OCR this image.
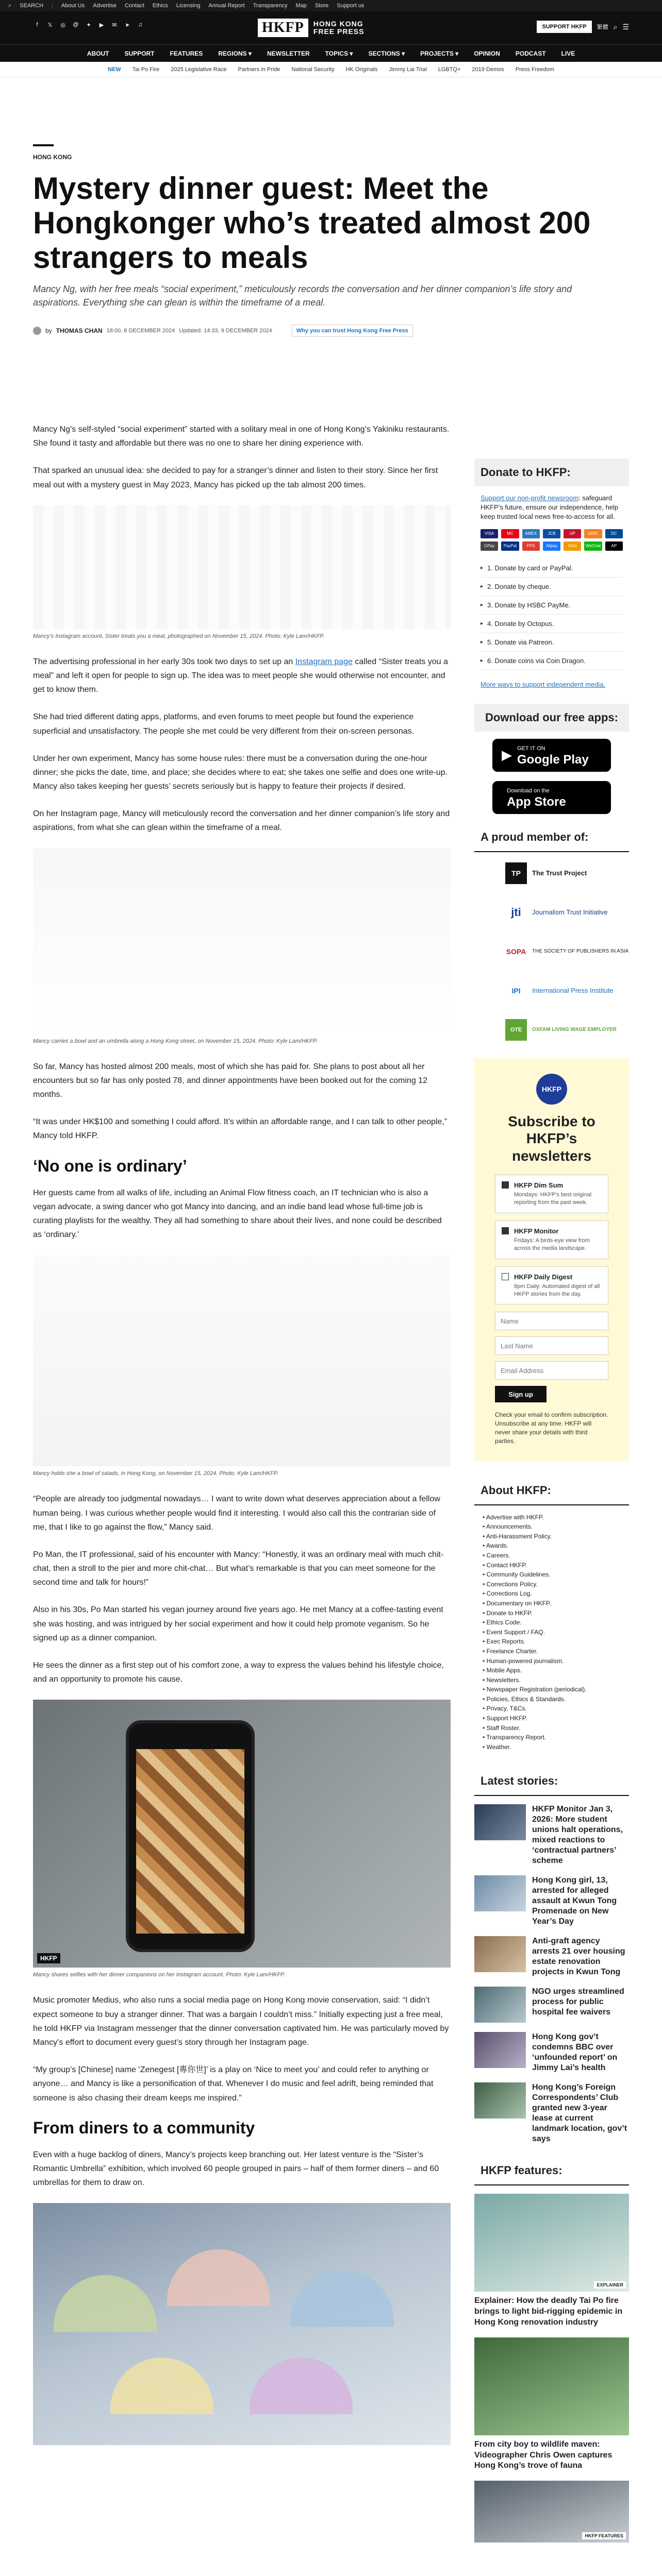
⌕ SEARCH | About Us Advertise Contact Ethics Licensing Annual Report Transparency Map Store Support us
f	𝕏	◎ @	✦	▶	✉	➤	♫	HKFP	HONG KONG
FREE PRESS
SUPPORT HKFP	繁體 ⌕ ☰
ABOUT	SUPPORT	FEATURES	REGIONS ▾	NEWSLETTER	TOPICS ▾	SECTIONS ▾	PROJECTS ▾	OPINION	PODCAST	LIVE
NEW Tai Po Fire 2025 Legislative Race Partners in Pride National Security HK Originals Jimmy Lai Trial LGBTQ+ 2019 Demos Press Freedom
HONG KONG
Mystery dinner guest: Meet the Hongkonger who’s treated almost 200 strangers to meals

Mancy Ng, with her free meals “social experiment,” meticulously records the conversation and her dinner companion’s life story and aspirations. Everything she can glean is within the timeframe of a meal.

by THOMAS CHAN 18:00, 8 DECEMBER 2024 Updated: 14:33, 9 DECEMBER 2024	Why you can trust Hong Kong Free Press

Mancy Ng’s self-styled “social experiment” started with a solitary meal in one of Hong Kong’s Yakiniku restaurants. She found it tasty and affordable but there was no one to share her dining experience with.

That sparked an unusual idea: she decided to pay for a stranger’s dinner and listen to their story. Since her first meal out with a mystery guest in May 2023, Mancy has picked up the tab almost 200 times.

Mancy’s Instagram account, Sister treats you a meal, photographed on November 15, 2024. Photo: Kyle Lam/HKFP.

The advertising professional in her early 30s took two days to set up an Instagram page called “Sister treats you a meal” and left it open for people to sign up. The idea was to meet people she would otherwise not encounter, and get to know them.

She had tried different dating apps, platforms, and even forums to meet people but found the experience superficial and unsatisfactory. The people she met could be very different from their on-screen personas.

Under her own experiment, Mancy has some house rules: there must be a conversation during the one-hour dinner; she picks the date, time, and place; she decides where to eat; she takes one selfie and does one write-up. Mancy also takes keeping her guests’ secrets seriously but is happy to feature their projects if desired.

On her Instagram page, Mancy will meticulously record the conversation and her dinner companion’s life story and aspirations, from what she can glean within the timeframe of a meal.

Mancy carries a bowl and an umbrella along a Hong Kong street, on November 15, 2024. Photo: Kyle Lam/HKFP.

So far, Mancy has hosted almost 200 meals, most of which she has paid for. She plans to post about all her encounters but so far has only posted 78, and dinner appointments have been booked out for the coming 12 months.

“It was under HK$100 and something I could afford. It’s within an affordable range, and I can talk to other people,” Mancy told HKFP.

‘No one is ordinary’

Her guests came from all walks of life, including an Animal Flow fitness coach, an IT technician who is also a vegan advocate, a swing dancer who got Mancy into dancing, and an indie band lead whose full-time job is curating playlists for the wealthy. They all had something to share about their lives, and none could be described as ‘ordinary.’

Mancy holds she a bowl of salads, in Hong Kong, on November 15, 2024. Photo: Kyle Lam/HKFP.

“People are already too judgmental nowadays… I want to write down what deserves appreciation about a fellow human being. I was curious whether people would find it interesting. I would also call this the contrarian side of me, that I like to go against the flow,” Mancy said.

Po Man, the IT professional, said of his encounter with Mancy: “Honestly, it was an ordinary meal with much chit-chat, then a stroll to the pier and more chit-chat… But what’s remarkable is that you can meet someone for the second time and talk for hours!”

Also in his 30s, Po Man started his vegan journey around five years ago. He met Mancy at a coffee-tasting event she was hosting, and was intrigued by her social experiment and how it could help promote veganism. So he signed up as a dinner companion.

He sees the dinner as a first step out of his comfort zone, a way to express the values behind his lifestyle choice, and an opportunity to promote his cause.

HKFP
Mancy shares selfies with her dinner companions on her Instagram account. Photo: Kyle Lam/HKFP.

Music promoter Medius, who also runs a social media page on Hong Kong movie conservation, said: “I didn’t expect someone to buy a stranger dinner. That was a bargain I couldn’t miss.” Initially expecting just a free meal, he told HKFP via Instagram messenger that the dinner conversation captivated him. He was particularly moved by Mancy’s effort to document every guest’s story through her Instagram page.

“My group’s [Chinese] name ‘Zenegest [專你世]’ is a play on ‘Nice to meet you’ and could refer to anything or anyone… and Mancy is like a personification of that. Whenever I do music and feel adrift, being reminded that someone is also chasing their dream keeps me inspired.”

From diners to a community

Even with a huge backlog of diners, Mancy’s projects keep branching out. Her latest venture is the “Sister’s Romantic Umbrella” exhibition, which involved 60 people grouped in pairs – half of them former diners – and 60 umbrellas for them to draw on.

Donate to HKFP:

Support our non-profit newsroom: safeguard HKFP’s future, ensure our independence, help keep trusted local news free-to-access for all.

VISA	MC	AMEX	JCB	UP	DISC	DC
GPay	PayPal	FPS	Alipay	Octo	WeChat	AP
▸ 1. Donate by card or PayPal.
▸ 2. Donate by cheque.
▸ 3. Donate by HSBC PayMe.
▸ 4. Donate by Octopus.
▸ 5. Donate via Patreon.
▸ 6. Donate coins via Coin Dragon.
More ways to support independent media.
Download our free apps:
▶ GET IT ON
Google Play
Download on the
App Store
A proud member of:
TP	The Trust Project
jti	Journalism Trust Initiative
SOPA THE SOCIETY OF PUBLISHERS IN ASIA
IPI	International Press Institute
OTE	OXFAM LIVING WAGE EMPLOYER
HKFP
Subscribe to HKFP’s newsletters
HKFP Dim Sum
Mondays: HKFP’s best original reporting from the past week.
HKFP Monitor
Fridays: A birds-eye view from across the media landscape.
HKFP Daily Digest
8pm Daily: Automated digest of all HKFP stories from the day.
Name
Last Name
Email Address
Sign up
Check your email to confirm subscription. Unsubscribe at any time. HKFP will never share your details with third parties.
About HKFP:
• Advertise with HKFP.
• Announcements.
• Anti-Harassment Policy.
• Awards.
• Careers.
• Contact HKFP.
• Community Guidelines.
• Corrections Policy.
• Corrections Log.
• Documentary on HKFP.
• Donate to HKFP.
• Ethics Code.
• Event Support / FAQ.
• Exec Reports.
• Freelance Charter.
• Human-powered journalism.
• Mobile Apps.
• Newsletters.
• Newspaper Registration (periodical).
• Policies, Ethics & Standards.
• Privacy, T&Cs.
• Support HKFP.
• Staff Roster.
• Transparency Report.
• Weather.
Latest stories:
HKFP Monitor Jan 3, 2026: More student unions halt operations, mixed reactions to ‘contractual partners’ scheme
Hong Kong girl, 13, arrested for alleged assault at Kwun Tong Promenade on New Year’s Day
Anti-graft agency arrests 21 over housing estate renovation projects in Kwun Tong
NGO urges streamlined process for public hospital fee waivers
Hong Kong gov’t condemns BBC over ‘unfounded report’ on Jimmy Lai’s health
Hong Kong’s Foreign Correspondents’ Club granted new 3-year lease at current landmark location, gov’t says
HKFP features:
EXPLAINER
Explainer: How the deadly Tai Po fire brings to light bid-rigging epidemic in Hong Kong renovation industry
From city boy to wildlife maven: Videographer Chris Owen captures Hong Kong’s trove of fauna
HKFP FEATURES
